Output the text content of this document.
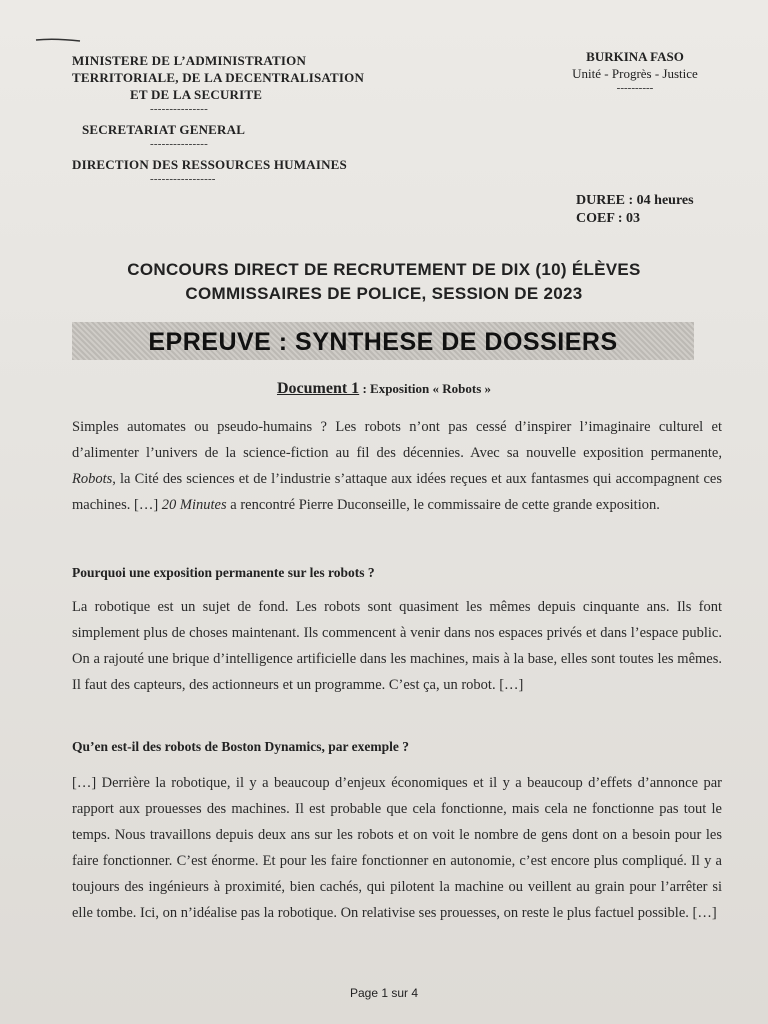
MINISTERE DE L’ADMINISTRATION
TERRITORIALE, DE LA DECENTRALISATION
ET DE LA SECURITE
---------------
SECRETARIAT GENERAL
---------------
DIRECTION DES RESSOURCES HUMAINES
-----------------
BURKINA FASO
Unité - Progrès - Justice
----------
DUREE : 04 heures
COEF : 03
CONCOURS DIRECT DE RECRUTEMENT DE DIX (10) ÉLÈVES
COMMISSAIRES DE POLICE, SESSION DE 2023
EPREUVE : SYNTHESE DE DOSSIERS
Document 1 : Exposition « Robots »
Simples automates ou pseudo-humains ? Les robots n’ont pas cessé d’inspirer l’imaginaire culturel et d’alimenter l’univers de la science-fiction au fil des décennies. Avec sa nouvelle exposition permanente, Robots, la Cité des sciences et de l’industrie s’attaque aux idées reçues et aux fantasmes qui accompagnent ces machines. […] 20 Minutes a rencontré Pierre Duconseille, le commissaire de cette grande exposition.
Pourquoi une exposition permanente sur les robots ?
La robotique est un sujet de fond. Les robots sont quasiment les mêmes depuis cinquante ans. Ils font simplement plus de choses maintenant. Ils commencent à venir dans nos espaces privés et dans l’espace public. On a rajouté une brique d’intelligence artificielle dans les machines, mais à la base, elles sont toutes les mêmes. Il faut des capteurs, des actionneurs et un programme. C’est ça, un robot. […]
Qu’en est-il des robots de Boston Dynamics, par exemple ?
[…] Derrière la robotique, il y a beaucoup d’enjeux économiques et il y a beaucoup d’effets d’annonce par rapport aux prouesses des machines. Il est probable que cela fonctionne, mais cela ne fonctionne pas tout le temps. Nous travaillons depuis deux ans sur les robots et on voit le nombre de gens dont on a besoin pour les faire fonctionner. C’est énorme. Et pour les faire fonctionner en autonomie, c’est encore plus compliqué. Il y a toujours des ingénieurs à proximité, bien cachés, qui pilotent la machine ou veillent au grain pour l’arrêter si elle tombe. Ici, on n’idéalise pas la robotique. On relativise ses prouesses, on reste le plus factuel possible. […]
Page 1 sur 4
